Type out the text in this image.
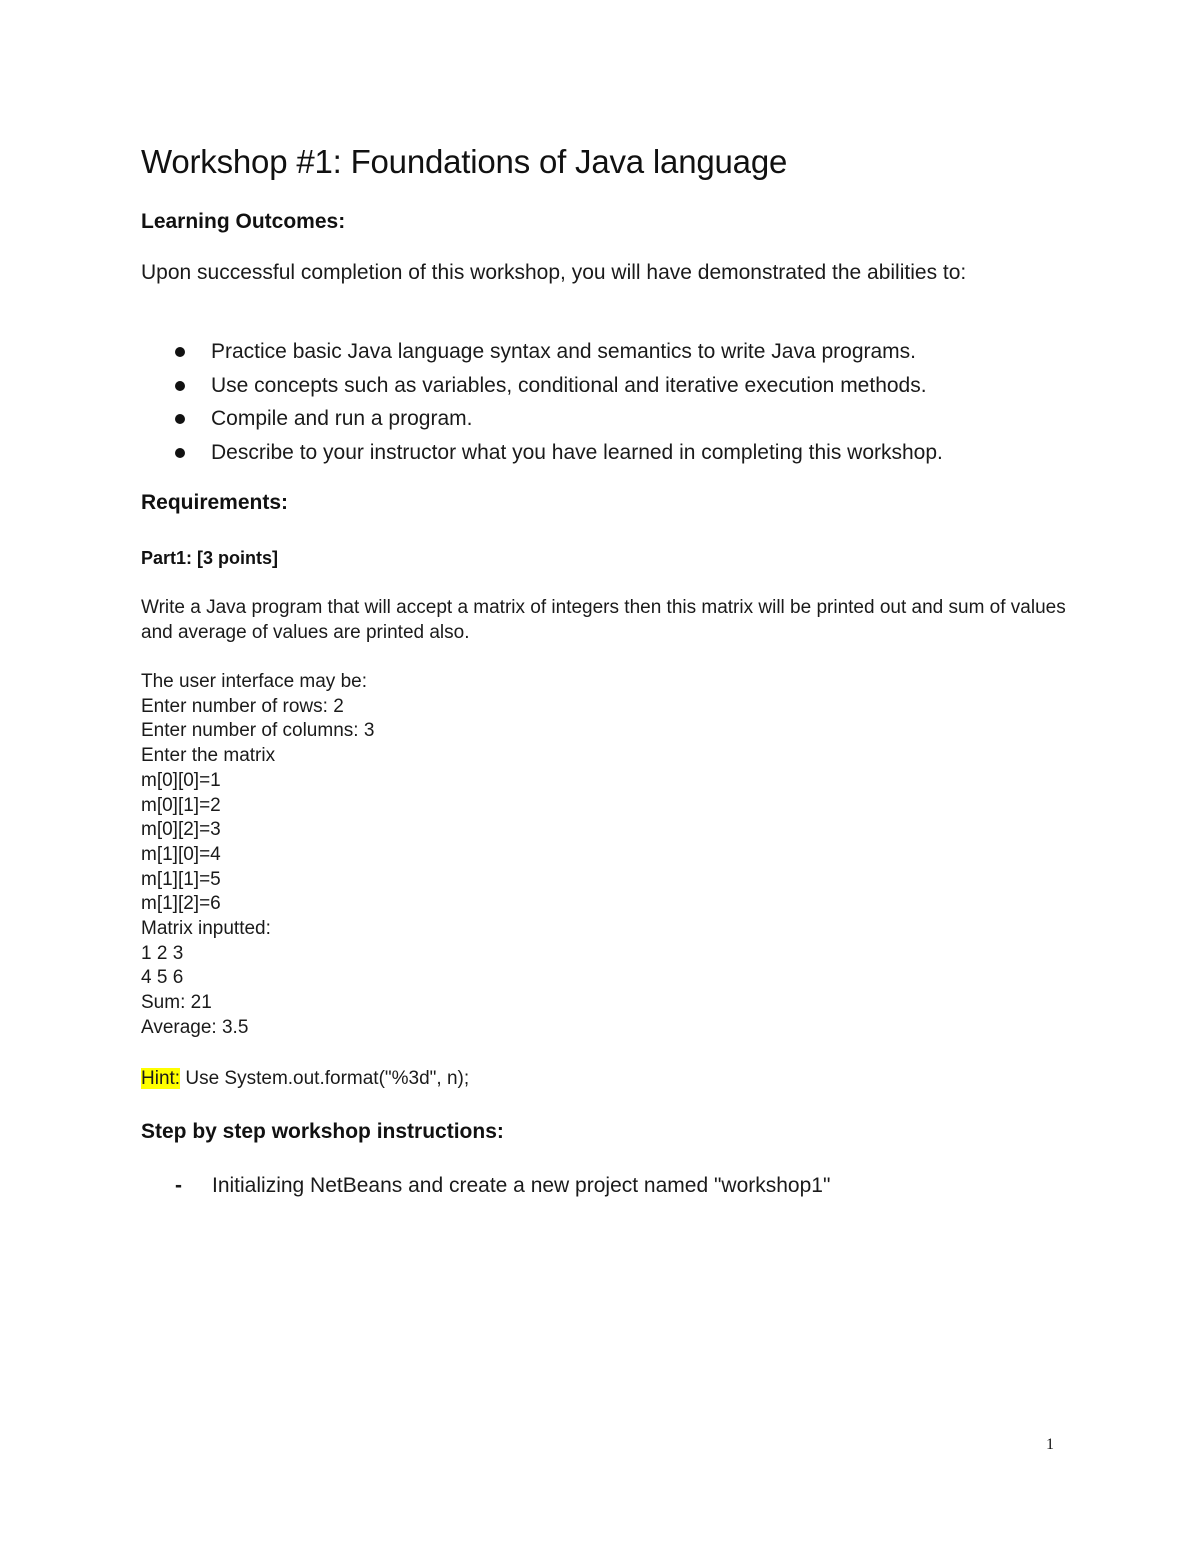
Workshop #1: Foundations of Java language
Learning Outcomes:
Upon successful completion of this workshop, you will have demonstrated the abilities to:
Practice basic Java language syntax and semantics to write Java programs.
Use concepts such as variables, conditional and iterative execution methods.
Compile and run a program.
Describe to your instructor what you have learned in completing this workshop.
Requirements:
Part1: [3 points]
Write a Java program that will accept a matrix of integers then this matrix will be printed out and sum of values and average of values are printed also.
The user interface may be:
Enter number of rows: 2
Enter number of columns: 3
Enter the matrix
m[0][0]=1
m[0][1]=2
m[0][2]=3
m[1][0]=4
m[1][1]=5
m[1][2]=6
Matrix inputted:
1 2 3
4 5 6
Sum: 21
Average: 3.5
Hint: Use System.out.format("%3d", n);
Step by step workshop instructions:
- Initializing NetBeans and create a new project named "workshop1"
1
